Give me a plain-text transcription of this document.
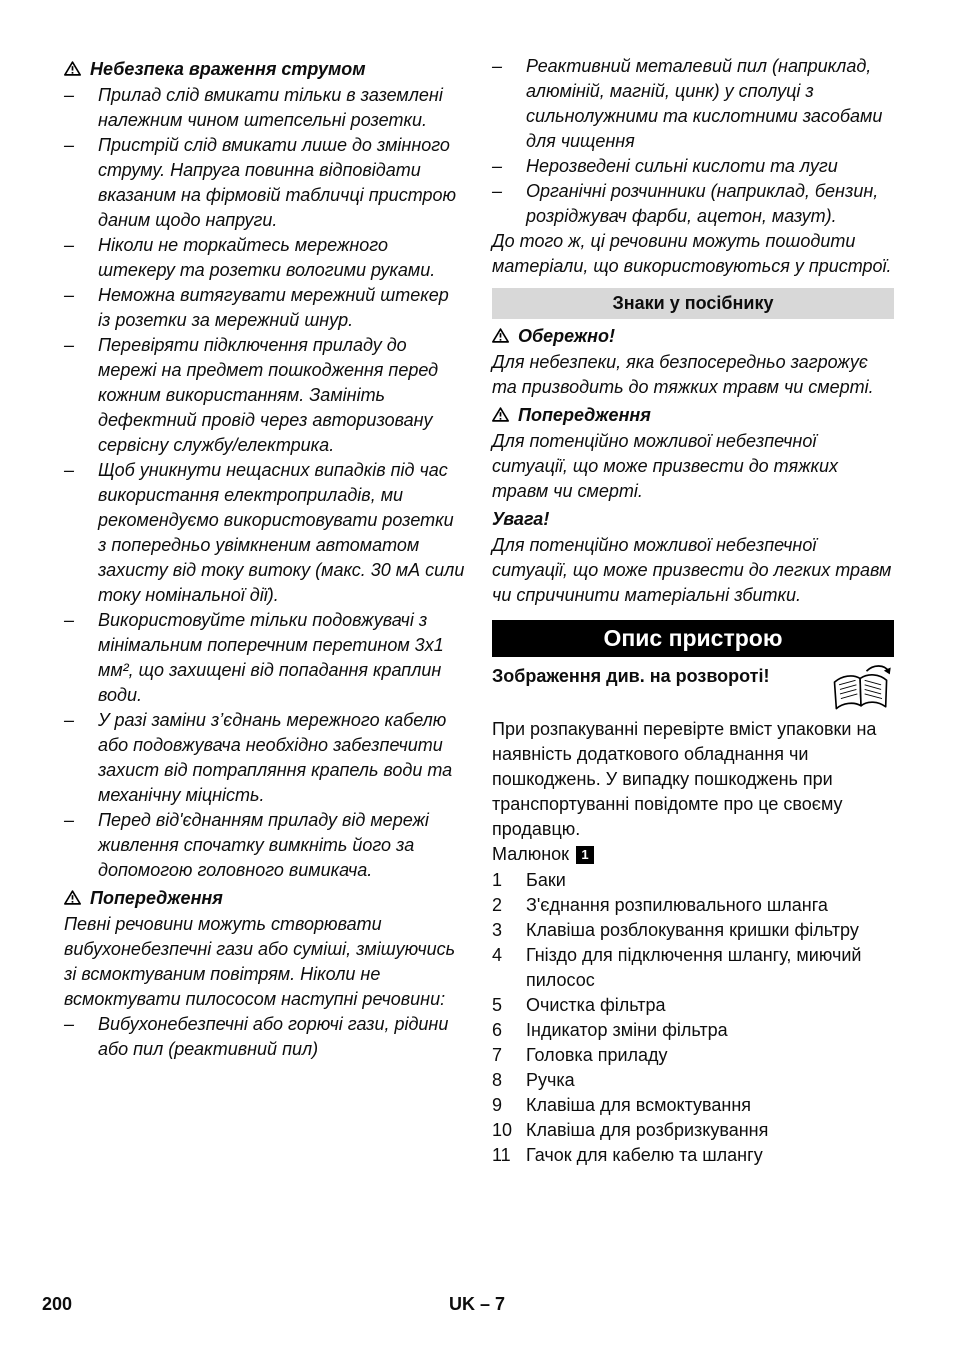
Небезпека враження струмом
–	Прилад слід вмикати тільки в заземлені належним чином штепсельні розетки.
–	Пристрій слід вмикати лише до змінного струму. Напруга повинна відповідати вказаним на фірмовій табличці пристрою даним щодо напруги.
–	Ніколи не торкайтесь мережного штекеру та розетки вологими руками.
–	Неможна витягувати мережний штекер із розетки за мережний шнур.
–	Перевіряти підключення приладу до мережі на предмет пошкодження перед кожним використанням. Замініть дефектний провід через авторизовану сервісну службу/електрика.
–	Щоб уникнути нещасних випадків під час використання електроприладів, ми рекомендуємо використовувати розетки з попередньо увімкненим автоматом захисту від току витоку (макс. 30 мА сили току номінальної дії).
–	Використовуйте тільки подовжувачі з мінімальним поперечним перетином 3х1 мм², що захищені від попадання краплин води.
–	У разі заміни з’єднань мережного кабелю або подовжувача необхідно забезпечити захист від потрапляння крапель води та механічну міцність.
–	Перед від'єднанням приладу від мережі живлення спочатку вимкніть його за допомогою головного вимикача.
Попередження

Певні речовини можуть створювати вибухонебезпечні гази або суміші, змішуючись зі всмоктуваним повітрям. Ніколи не всмоктувати пилососом наступні речовини:

–	Вибухонебезпечні або горючі гази, рідини або пил (реактивний пил)
–	Реактивний металевий пил (наприклад, алюміній, магній, цинк) у сполуці з сильнолужними та кислотними засобами для чищення
–	Нерозведені сильні кислоти та луги
–	Органічні розчинники (наприклад, бензин, розріджувач фарби, ацетон, мазут).

До того ж, ці речовини можуть пошодити матеріали, що використовуються у пристрої.

Знаки у посібнику
Обережно!

Для небезпеки, яка безпосередньо загрожує та призводить до тяжких травм чи смерті.

Попередження

Для потенційно можливої небезпечної ситуації, що може призвести до тяжких травм чи смерті.

Увага!

Для потенційно можливої небезпечної ситуації, що може призвести до легких травм чи спричинити матеріальні збитки.

Опис пристрою
Зображення див. на розвороті!

При розпакуванні перевірте вміст упаковки на наявність додаткового обладнання чи пошкоджень. У випадку пошкоджень при транспортуванні повідомте про це своєму продавцю.

Малюнок 1
1	Баки
2	З'єднання розпилювального шланга
3	Клавіша розблокування кришки фільтру
4	Гніздо для підключення шлангу, миючий пилосос
5	Очистка фільтра
6	Індикатор зміни фільтра
7	Головка приладу
8	Ручка
9	Клавіша для всмоктування
10 Клавіша для розбризкування
11 Гачок для кабелю та шлангу
200	UK – 7
